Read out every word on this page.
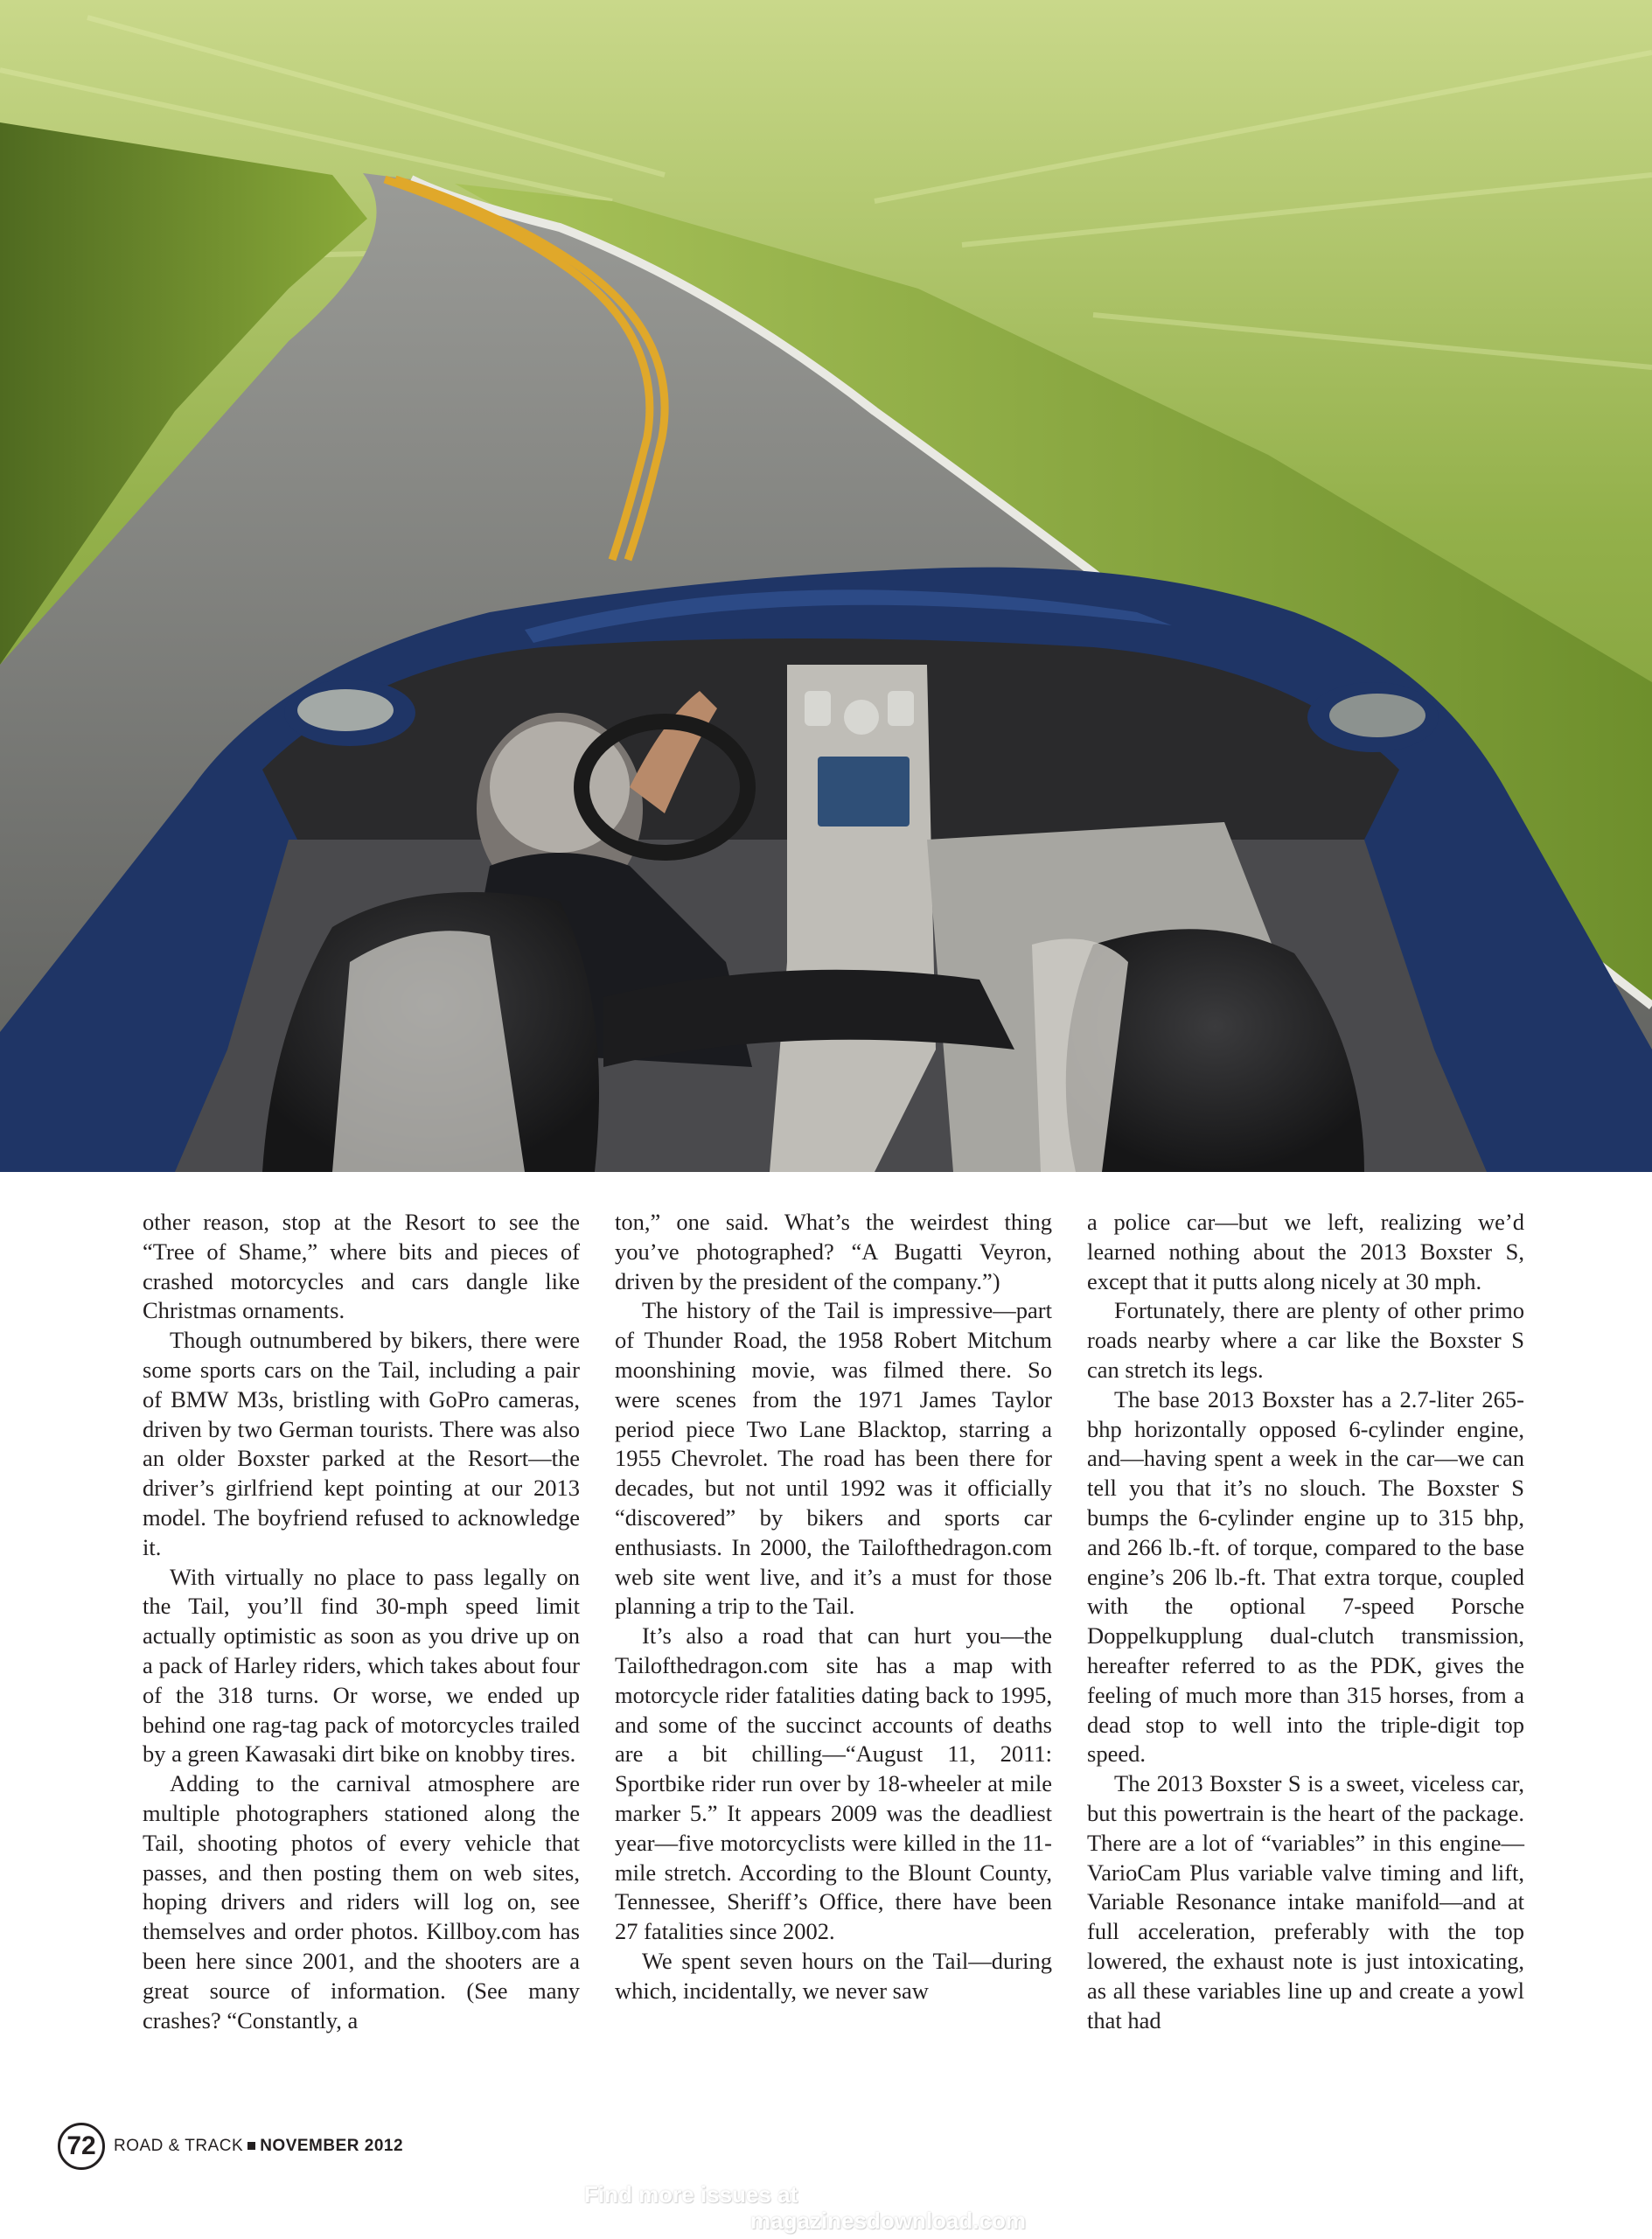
other reason, stop at the Resort to see the “Tree of Shame,” where bits and pieces of crashed motorcycles and cars dangle like Christmas ornaments.

Though outnumbered by bikers, there were some sports cars on the Tail, including a pair of BMW M3s, bristling with GoPro cameras, driven by two German tourists. There was also an older Boxster parked at the Resort—the driver’s girlfriend kept pointing at our 2013 model. The boyfriend refused to acknowledge it.

With virtually no place to pass legally on the Tail, you’ll find 30-mph speed limit actually optimistic as soon as you drive up on a pack of Harley riders, which takes about four of the 318 turns. Or worse, we ended up behind one rag-tag pack of motorcycles trailed by a green Kawasaki dirt bike on knobby tires.

Adding to the carnival atmosphere are multiple photographers stationed along the Tail, shooting photos of every vehicle that passes, and then posting them on web sites, hoping drivers and riders will log on, see themselves and order photos. Killboy.com has been here since 2001, and the shooters are a great source of information. (See many crashes? “Constantly, a

ton,” one said. What’s the weirdest thing you’ve photographed? “A Bugatti Veyron, driven by the president of the company.”)

The history of the Tail is impressive—part of Thunder Road, the 1958 Robert Mitchum moonshining movie, was filmed there. So were scenes from the 1971 James Taylor period piece Two Lane Blacktop, starring a 1955 Chevrolet. The road has been there for decades, but not until 1992 was it officially “discovered” by bikers and sports car enthusiasts. In 2000, the Tailofthedragon.com web site went live, and it’s a must for those planning a trip to the Tail.

It’s also a road that can hurt you—the Tailofthedragon.com site has a map with motorcycle rider fatalities dating back to 1995, and some of the succinct accounts of deaths are a bit chilling—“August 11, 2011: Sportbike rider run over by 18-wheeler at mile marker 5.” It appears 2009 was the deadliest year—five motorcyclists were killed in the 11-mile stretch. According to the Blount County, Tennessee, Sheriff’s Office, there have been 27 fatalities since 2002.

We spent seven hours on the Tail—during which, incidentally, we never saw

a police car—but we left, realizing we’d learned nothing about the 2013 Boxster S, except that it putts along nicely at 30 mph.

Fortunately, there are plenty of other primo roads nearby where a car like the Boxster S can stretch its legs.

The base 2013 Boxster has a 2.7-liter 265-bhp horizontally opposed 6-cylinder engine, and—having spent a week in the car—we can tell you that it’s no slouch. The Boxster S bumps the 6-cylinder engine up to 315 bhp, and 266 lb.-ft. of torque, compared to the base engine’s 206 lb.-ft. That extra torque, coupled with the optional 7-speed Porsche Doppelkupplung dual-clutch transmission, hereafter referred to as the PDK, gives the feeling of much more than 315 horses, from a dead stop to well into the triple-digit top speed.

The 2013 Boxster S is a sweet, viceless car, but this powertrain is the heart of the package. There are a lot of “variables” in this engine—VarioCam Plus variable valve timing and lift, Variable Resonance intake manifold—and at full acceleration, preferably with the top lowered, the exhaust note is just intoxicating, as all these variables line up and create a yowl that had

72	ROAD & TRACK NOVEMBER 2012
Find more issues at
magazinesdownload.com
